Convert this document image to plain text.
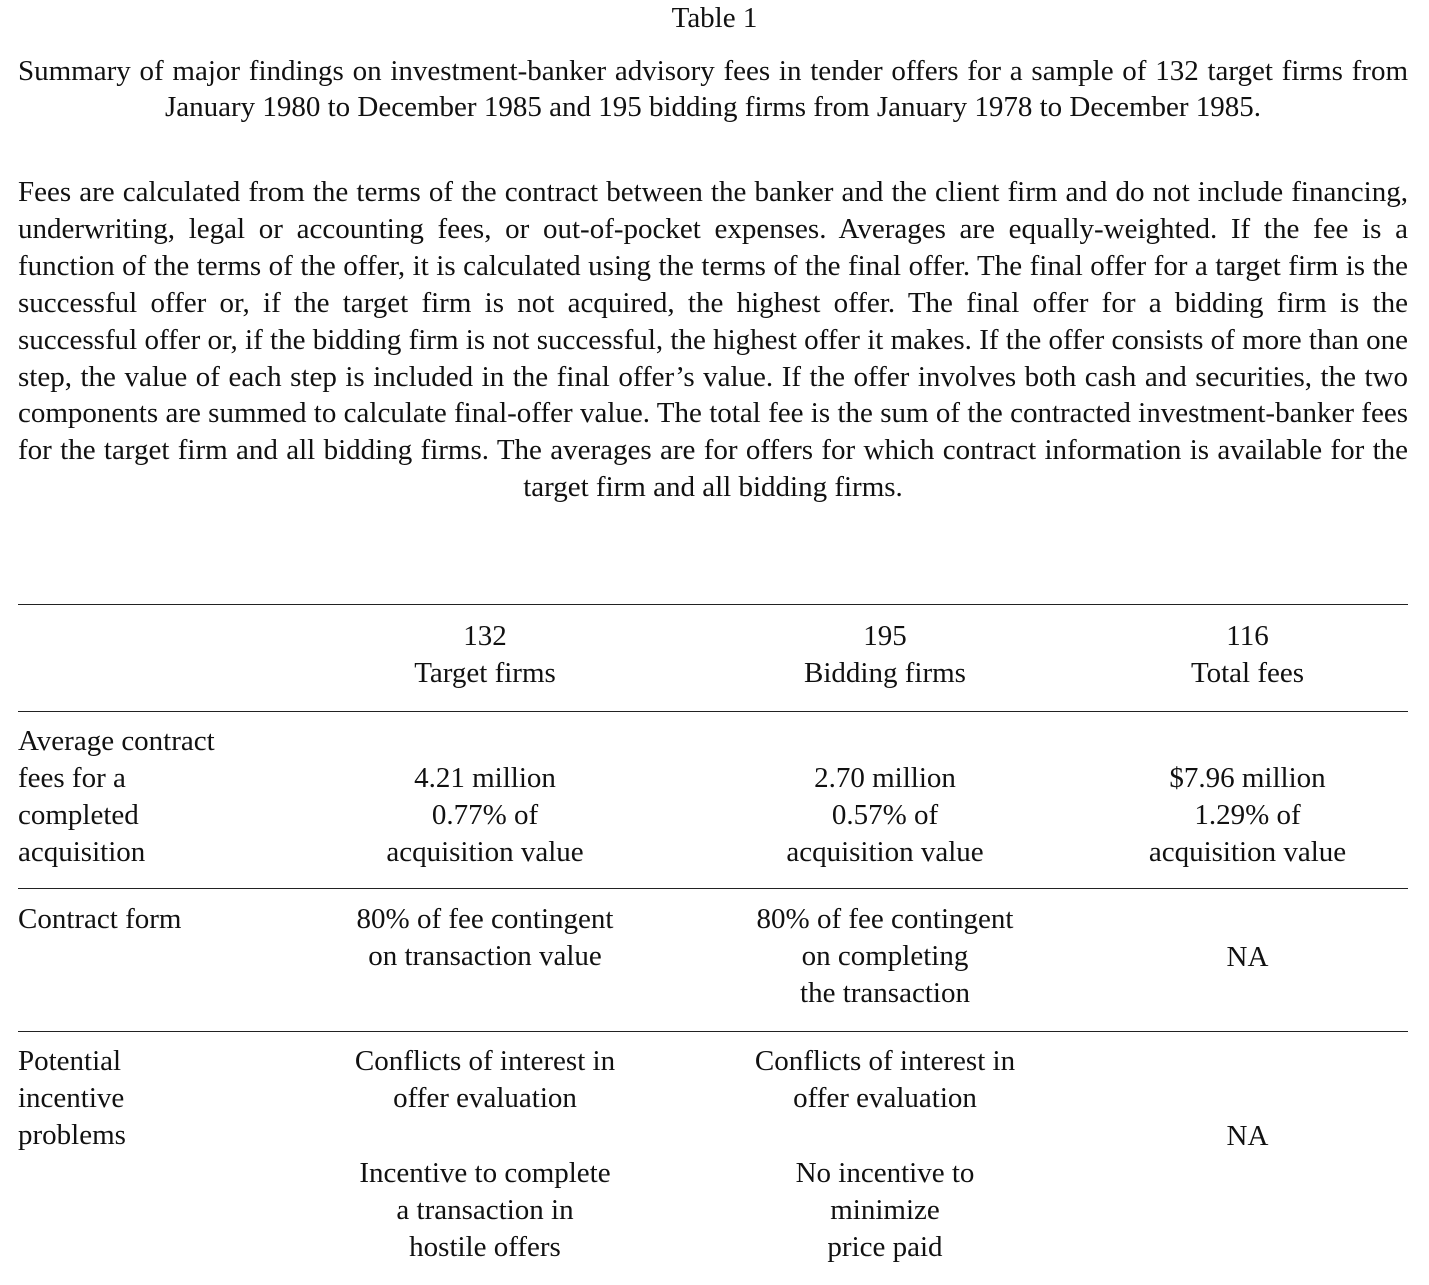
Table 1
Summary of major findings on investment-banker advisory fees in tender offers for a sample of 132 target firms from January 1980 to December 1985 and 195 bidding firms from January 1978 to December 1985.
Fees are calculated from the terms of the contract between the banker and the client firm and do not include financing, underwriting, legal or accounting fees, or out-of-pocket expenses. Averages are equally-weighted. If the fee is a function of the terms of the offer, it is calculated using the terms of the final offer. The final offer for a target firm is the successful offer or, if the target firm is not acquired, the highest offer. The final offer for a bidding firm is the successful offer or, if the bidding firm is not successful, the highest offer it makes. If the offer consists of more than one step, the value of each step is included in the final offer’s value. If the offer involves both cash and securities, the two components are summed to calculate final-offer value. The total fee is the sum of the contracted investment-banker fees for the target firm and all bidding firms. The averages are for offers for which contract information is available for the target firm and all bidding firms.
132
Target firms
195
Bidding firms
116
Total fees
Average contract
fees for a
completed
acquisition
4.21 million
0.77% of
acquisition value
2.70 million
0.57% of
acquisition value
$7.96 million
1.29% of
acquisition value
Contract form	80% of fee contingent
on transaction value
80% of fee contingent
on completing
the transaction
NA
Potential
incentive
problems
Conflicts of interest in
offer evaluation
Incentive to complete
a transaction in
hostile offers
Conflicts of interest in
offer evaluation
No incentive to
minimize
price paid
NA
